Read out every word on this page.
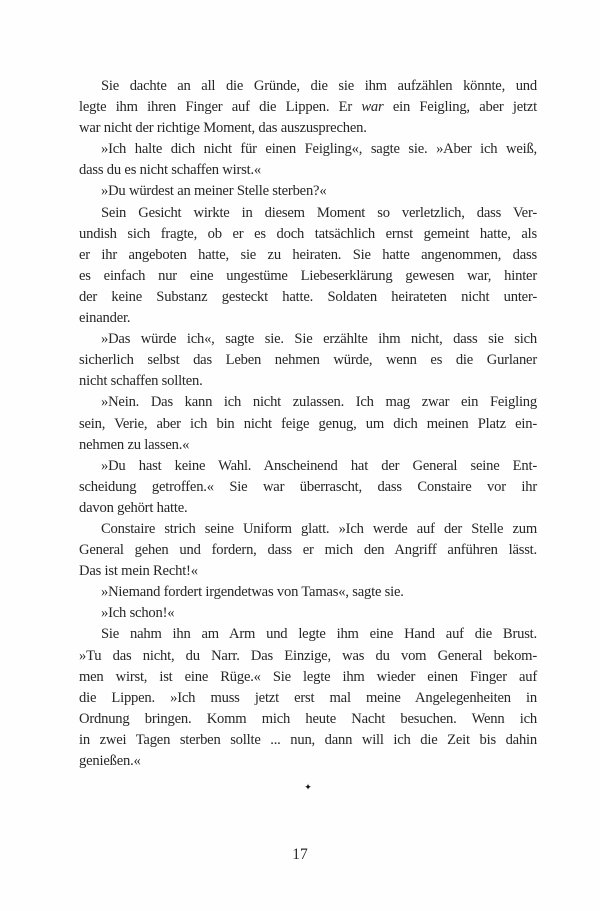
Sie dachte an all die Gründe, die sie ihm aufzählen könnte, und
legte ihm ihren Finger auf die Lippen. Er war ein Feigling, aber jetzt
war nicht der richtige Moment, das auszusprechen.
»Ich halte dich nicht für einen Feigling«, sagte sie. »Aber ich weiß,
dass du es nicht schaffen wirst.«
»Du würdest an meiner Stelle sterben?«
Sein Gesicht wirkte in diesem Moment so verletzlich, dass Ver-
undish sich fragte, ob er es doch tatsächlich ernst gemeint hatte, als
er ihr angeboten hatte, sie zu heiraten. Sie hatte angenommen, dass
es einfach nur eine ungestüme Liebeserklärung gewesen war, hinter
der keine Substanz gesteckt hatte. Soldaten heirateten nicht unter-
einander.
»Das würde ich«, sagte sie. Sie erzählte ihm nicht, dass sie sich
sicherlich selbst das Leben nehmen würde, wenn es die Gurlaner
nicht schaffen sollten.
»Nein. Das kann ich nicht zulassen. Ich mag zwar ein Feigling
sein, Verie, aber ich bin nicht feige genug, um dich meinen Platz ein-
nehmen zu lassen.«
»Du hast keine Wahl. Anscheinend hat der General seine Ent-
scheidung getroffen.« Sie war überrascht, dass Constaire vor ihr
davon gehört hatte.
Constaire strich seine Uniform glatt. »Ich werde auf der Stelle zum
General gehen und fordern, dass er mich den Angriff anführen lässt.
Das ist mein Recht!«
»Niemand fordert irgendetwas von Tamas«, sagte sie.
»Ich schon!«
Sie nahm ihn am Arm und legte ihm eine Hand auf die Brust.
»Tu das nicht, du Narr. Das Einzige, was du vom General bekom-
men wirst, ist eine Rüge.« Sie legte ihm wieder einen Finger auf
die Lippen. »Ich muss jetzt erst mal meine Angelegenheiten in
Ordnung bringen. Komm mich heute Nacht besuchen. Wenn ich
in zwei Tagen sterben sollte ... nun, dann will ich die Zeit bis dahin
genießen.«
✦
17
